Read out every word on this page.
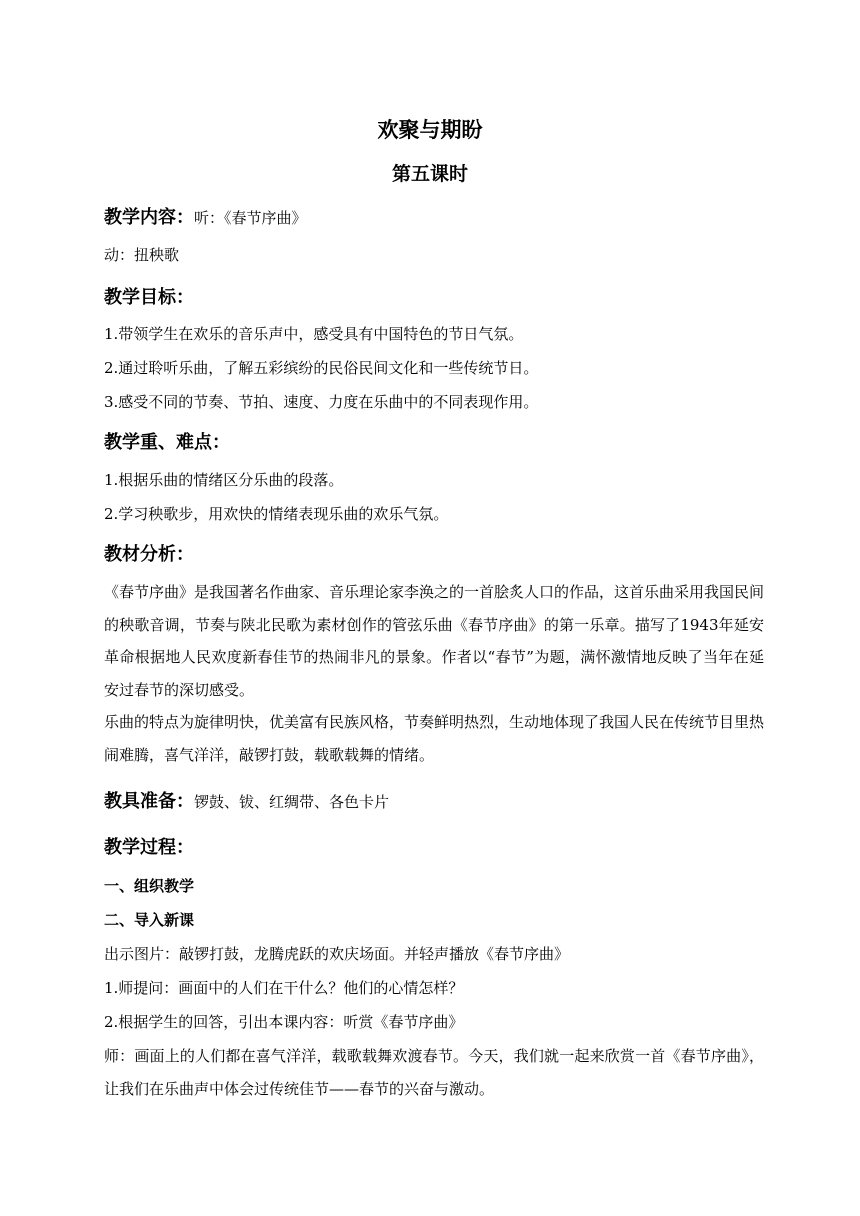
欢聚与期盼
第五课时
教学内容：听：《春节序曲》
动：扭秧歌
教学目标：
1.带领学生在欢乐的音乐声中，感受具有中国特色的节日气氛。
2.通过聆听乐曲，了解五彩缤纷的民俗民间文化和一些传统节日。
3.感受不同的节奏、节拍、速度、力度在乐曲中的不同表现作用。
教学重、难点：
1.根据乐曲的情绪区分乐曲的段落。
2.学习秧歌步，用欢快的情绪表现乐曲的欢乐气氛。
教材分析：
《春节序曲》是我国著名作曲家、音乐理论家李涣之的一首脍炙人口的作品，这首乐曲采用我国民间的秧歌音调，节奏与陕北民歌为素材创作的管弦乐曲《春节序曲》的第一乐章。描写了1943年延安革命根据地人民欢度新春佳节的热闹非凡的景象。作者以“春节”为题，满怀激情地反映了当年在延安过春节的深切感受。
乐曲的特点为旋律明快，优美富有民族风格，节奏鲜明热烈，生动地体现了我国人民在传统节目里热闹难腾，喜气洋洋，敲锣打鼓，载歌载舞的情绪。
教具准备：锣鼓、钹、红绸带、各色卡片
教学过程：
一、组织教学
二、导入新课
出示图片：敲锣打鼓，龙腾虎跃的欢庆场面。并轻声播放《春节序曲》
1.师提问：画面中的人们在干什么？他们的心情怎样？
2.根据学生的回答，引出本课内容：听赏《春节序曲》
师：画面上的人们都在喜气洋洋，载歌载舞欢渡春节。今天，我们就一起来欣赏一首《春节序曲》，让我们在乐曲声中体会过传统佳节——春节的兴奋与激动。
